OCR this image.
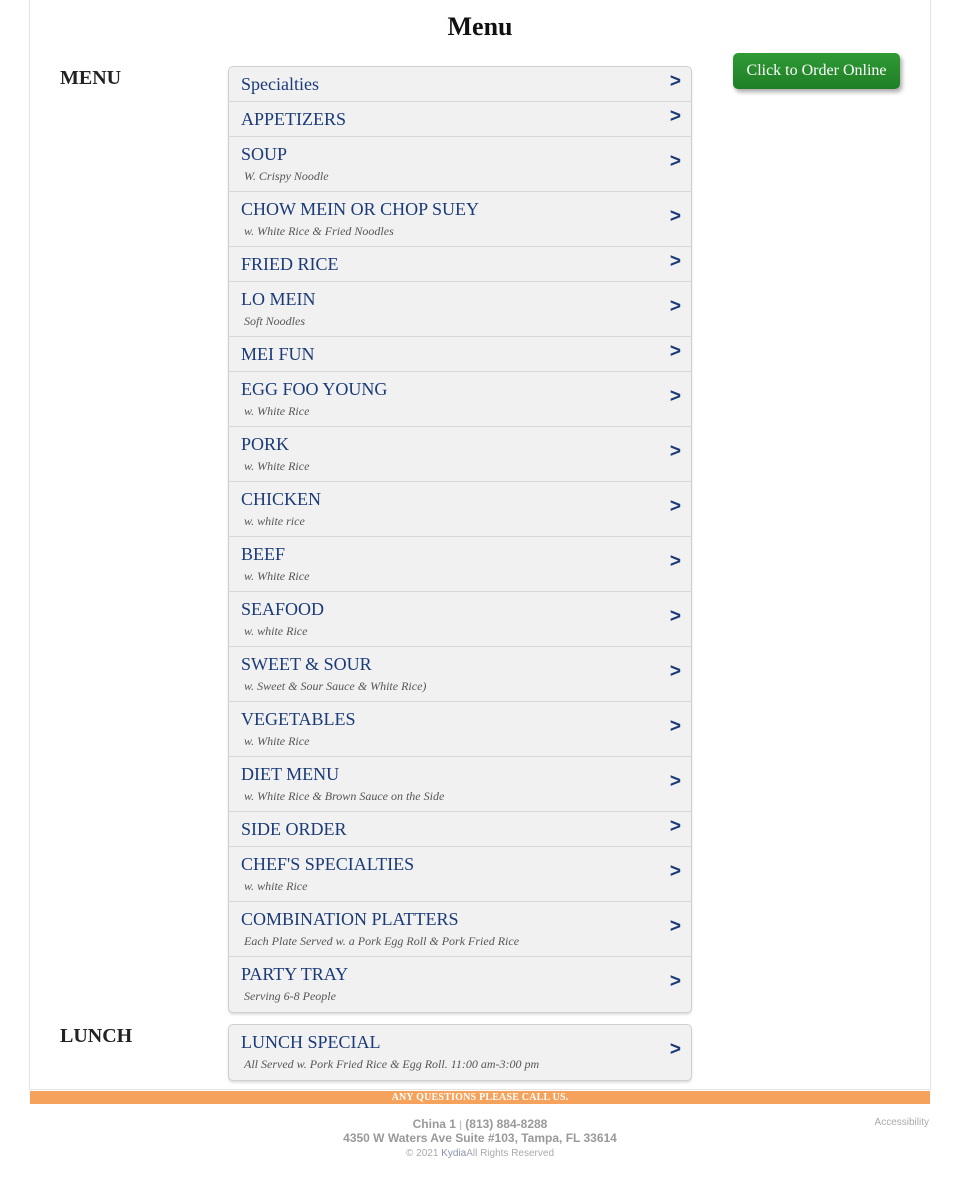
Menu
MENU	Specialties	>
APPETIZERS	>
SOUP
W. Crispy Noodle
>
CHOW MEIN OR CHOP SUEY
w. White Rice & Fried Noodles
>
FRIED RICE	>
LO MEIN
Soft Noodles
>
MEI FUN	>
EGG FOO YOUNG
w. White Rice
>
PORK
w. White Rice
>
CHICKEN
w. white rice
>
BEEF
w. White Rice
>
SEAFOOD
w. white Rice
>
SWEET & SOUR
w. Sweet & Sour Sauce & White Rice)
>
VEGETABLES
w. White Rice
>
DIET MENU
w. White Rice & Brown Sauce on the Side
>
SIDE ORDER	>
CHEF'S SPECIALTIES
w. white Rice
>
COMBINATION PLATTERS
Each Plate Served w. a Pork Egg Roll & Pork Fried Rice
>
PARTY TRAY
Serving 6-8 People
>
LUNCH	LUNCH SPECIAL
All Served w. Pork Fried Rice & Egg Roll. 11:00 am-3:00 pm
>
Click to Order Online
ANY QUESTIONS PLEASE CALL US.
China 1 | (813) 884-8288
4350 W Waters Ave Suite #103, Tampa, FL 33614
© 2021 KydiaAll Rights Reserved
Accessibility
